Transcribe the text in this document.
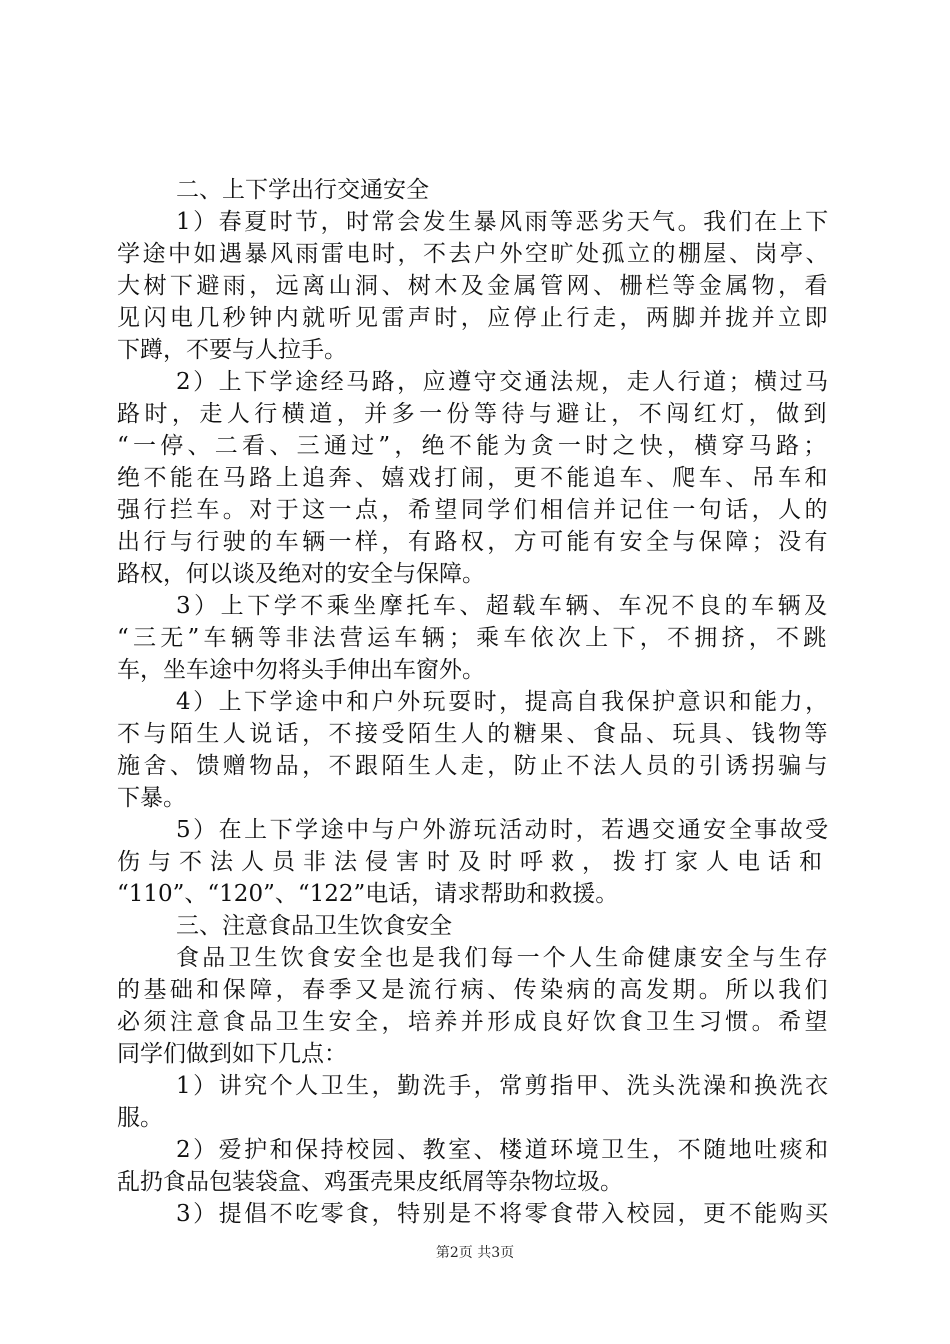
二、上下学出行交通安全
1）春夏时节，时常会发生暴风雨等恶劣天气。我们在上下
学途中如遇暴风雨雷电时，不去户外空旷处孤立的棚屋、岗亭、
大树下避雨，远离山洞、树木及金属管网、栅栏等金属物，看
见闪电几秒钟内就听见雷声时，应停止行走，两脚并拢并立即
下蹲，不要与人拉手。
2）上下学途经马路，应遵守交通法规，走人行道；横过马
路时，走人行横道，并多一份等待与避让，不闯红灯，做到
“一停、二看、三通过”，绝不能为贪一时之快，横穿马路；
绝不能在马路上追奔、嬉戏打闹，更不能追车、爬车、吊车和
强行拦车。对于这一点，希望同学们相信并记住一句话，人的
出行与行驶的车辆一样，有路权，方可能有安全与保障；没有
路权，何以谈及绝对的安全与保障。
3）上下学不乘坐摩托车、超载车辆、车况不良的车辆及
“三无”车辆等非法营运车辆；乘车依次上下，不拥挤，不跳
车，坐车途中勿将头手伸出车窗外。
4）上下学途中和户外玩耍时，提高自我保护意识和能力，
不与陌生人说话，不接受陌生人的糖果、食品、玩具、钱物等
施舍、馈赠物品，不跟陌生人走，防止不法人员的引诱拐骗与
下暴。
5）在上下学途中与户外游玩活动时，若遇交通安全事故受
伤与不法人员非法侵害时及时呼救，拨打家人电话和
“110”、“120”、“122”电话，请求帮助和救援。
三、注意食品卫生饮食安全
食品卫生饮食安全也是我们每一个人生命健康安全与生存
的基础和保障，春季又是流行病、传染病的高发期。所以我们
必须注意食品卫生安全，培养并形成良好饮食卫生习惯。希望
同学们做到如下几点：
1）讲究个人卫生，勤洗手，常剪指甲、洗头洗澡和换洗衣
服。
2）爱护和保持校园、教室、楼道环境卫生，不随地吐痰和
乱扔食品包装袋盒、鸡蛋壳果皮纸屑等杂物垃圾。
3）提倡不吃零食，特别是不将零食带入校园，更不能购买
第2页 共3页
